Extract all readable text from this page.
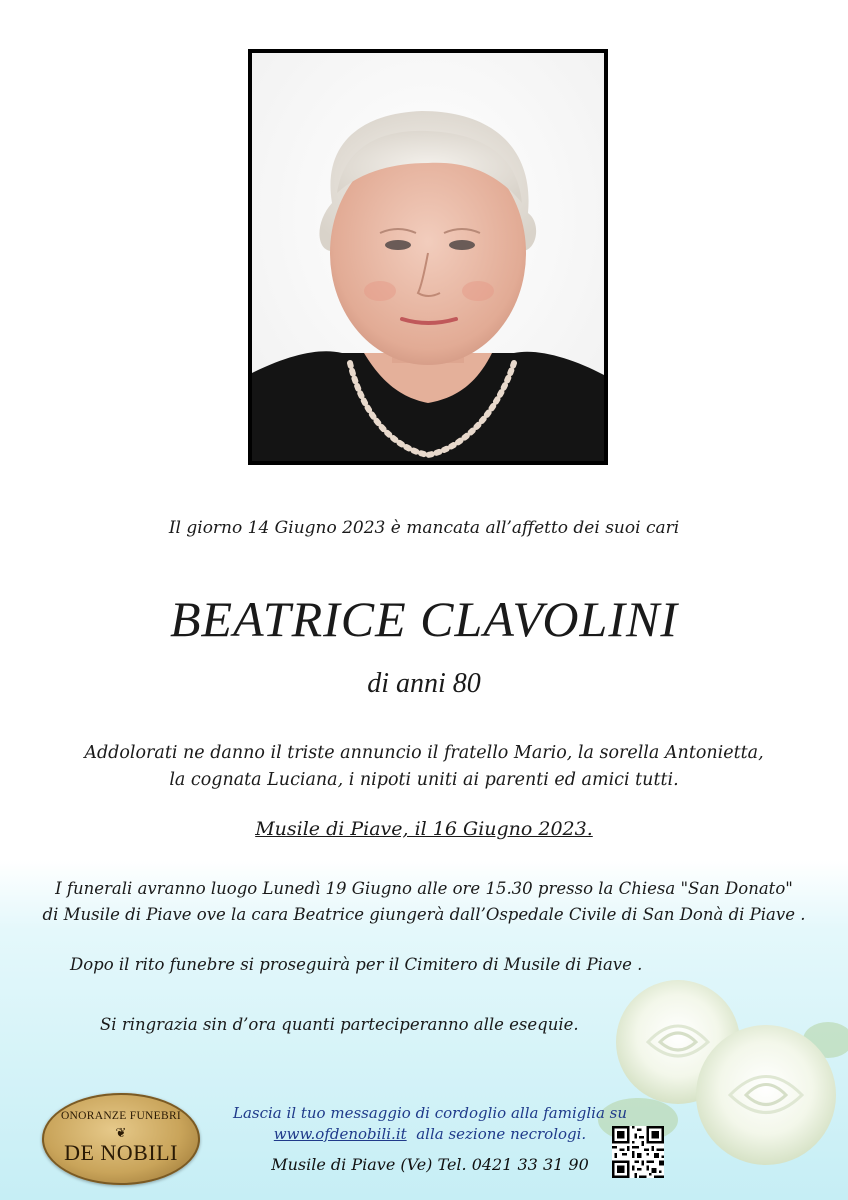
Il giorno 14 Giugno 2023 è mancata all’affetto dei suoi cari
BEATRICE CLAVOLINI
di anni 80
Addolorati ne danno il triste annuncio il fratello Mario, la sorella Antonietta,
la cognata Luciana, i nipoti uniti ai parenti ed amici tutti.
Musile di Piave, il 16 Giugno 2023.
I funerali avranno luogo Lunedì 19 Giugno alle ore 15.30 presso la Chiesa "San Donato"
di Musile di Piave ove la cara Beatrice giungerà dall’Ospedale Civile di San Donà di Piave .
Dopo il rito funebre si proseguirà per il Cimitero di Musile di Piave .
Si ringrazia sin d’ora quanti parteciperanno alle esequie.
ONORANZE FUNEBRI
❦
DE NOBILI
Lascia il tuo messaggio di cordoglio alla famiglia su
www.ofdenobili.it alla sezione necrologi.
Musile di Piave (Ve) Tel. 0421 33 31 90
